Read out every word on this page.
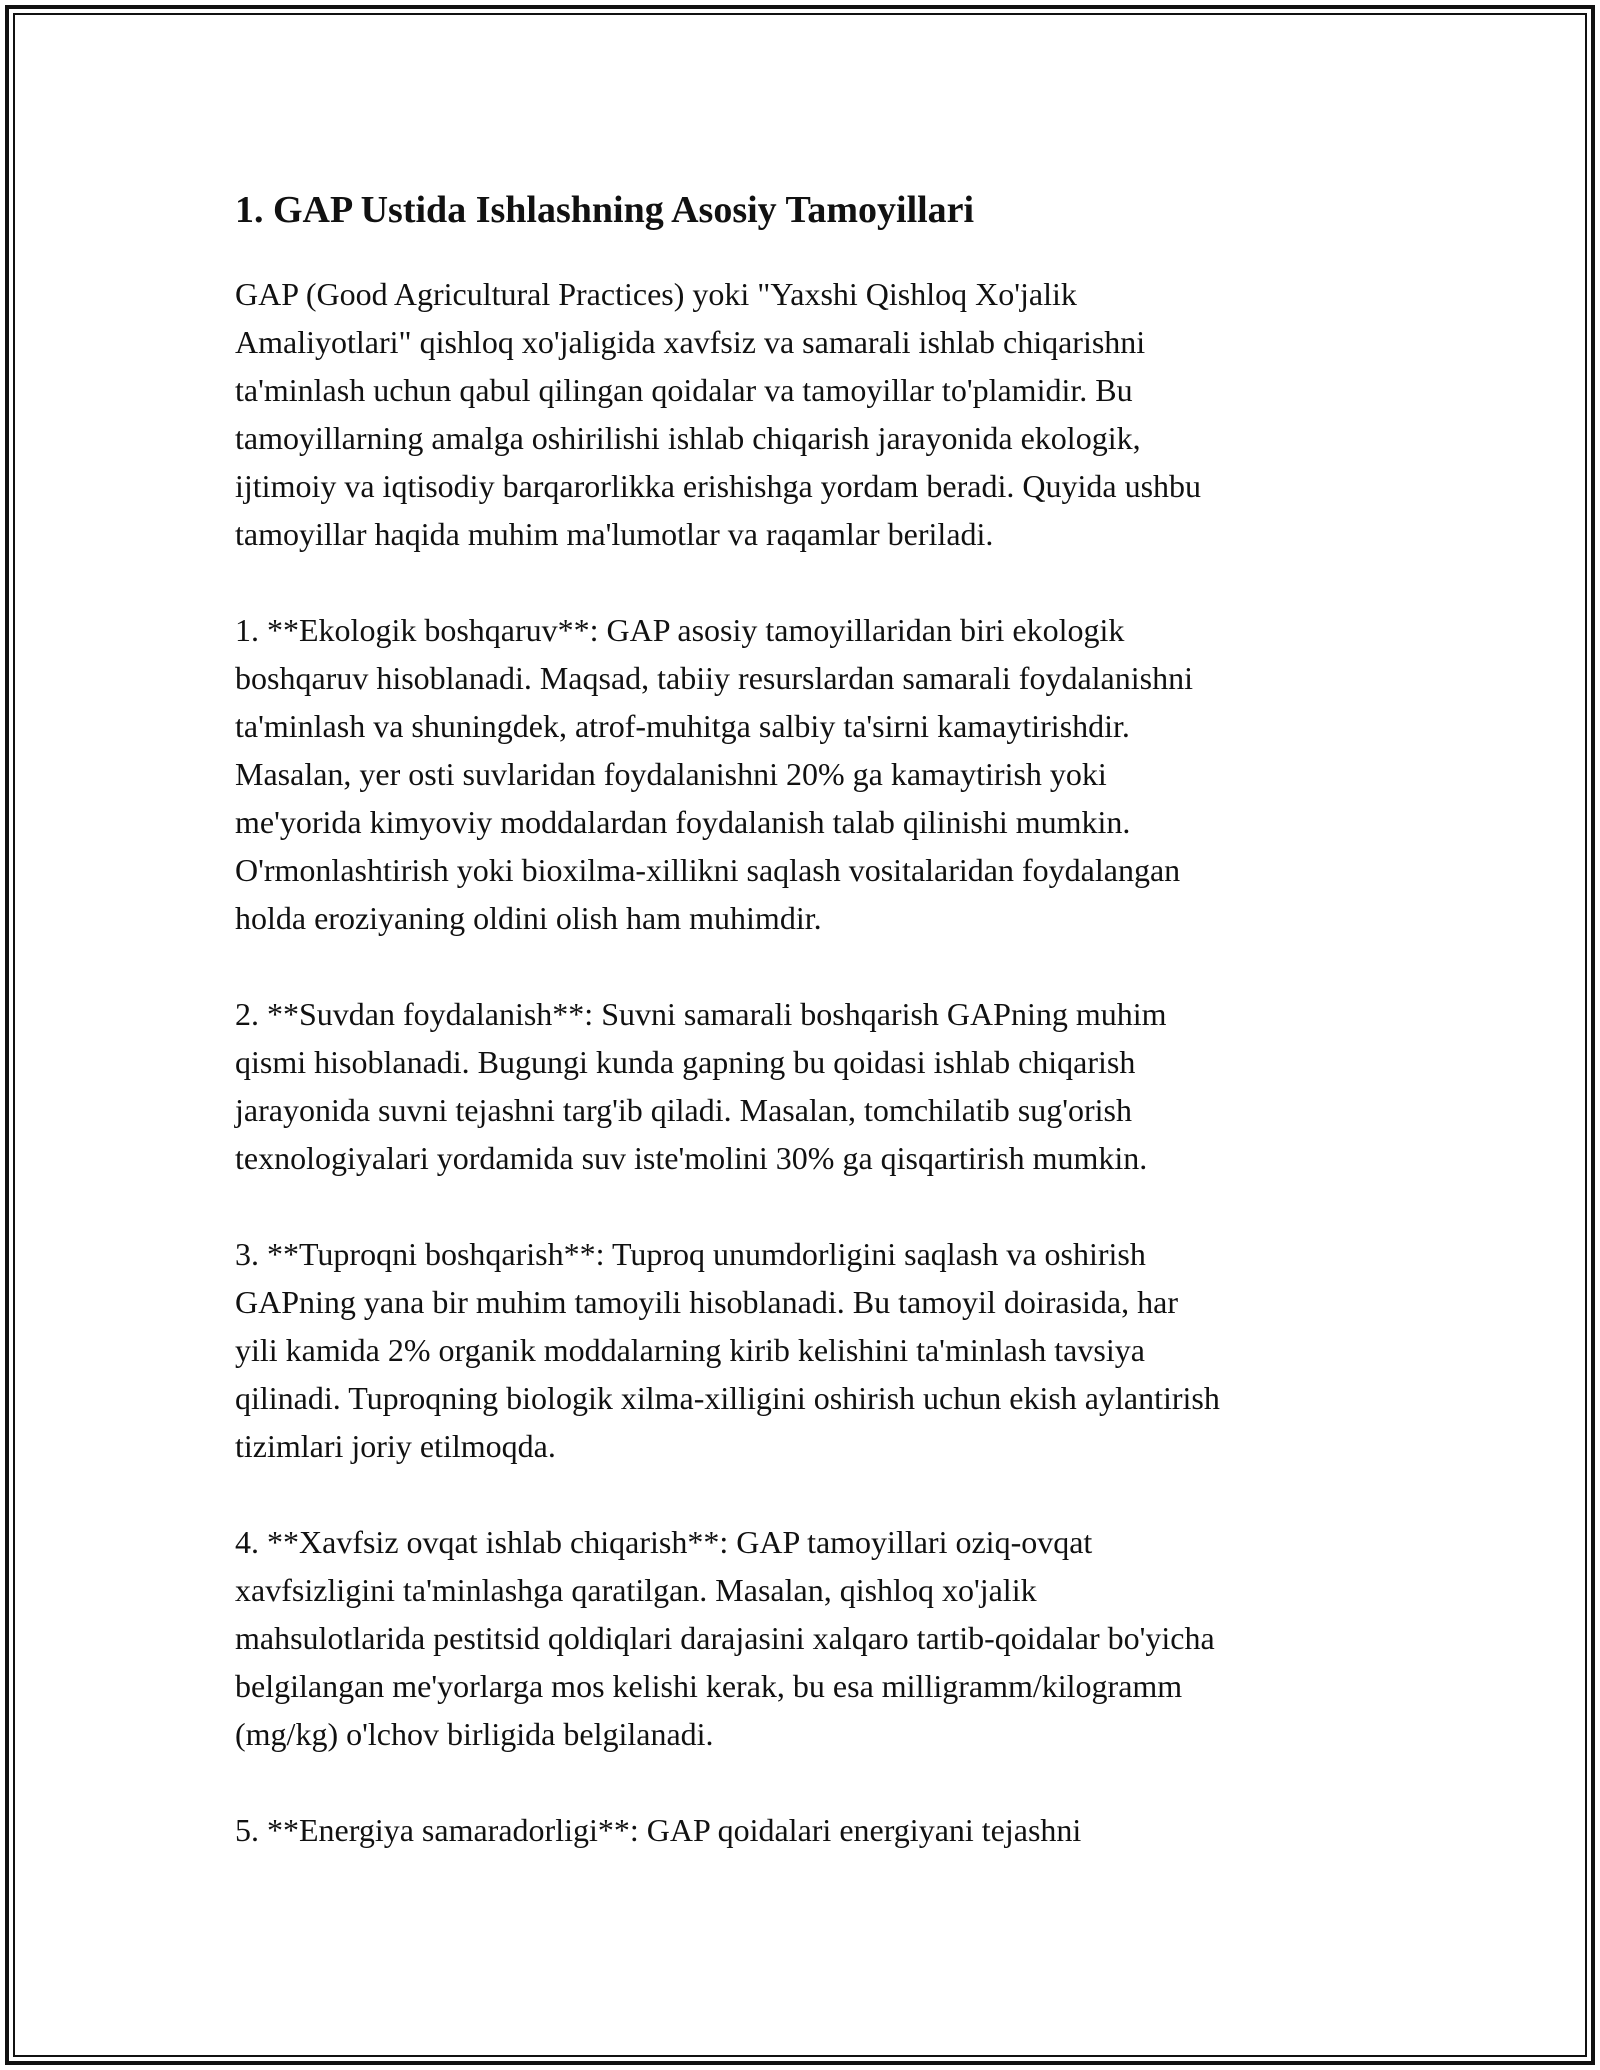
1. GAP Ustida Ishlashning Asosiy Tamoyillari

GAP (Good Agricultural Practices) yoki "Yaxshi Qishloq Xo'jalik
Amaliyotlari" qishloq xo'jaligida xavfsiz va samarali ishlab chiqarishni
ta'minlash uchun qabul qilingan qoidalar va tamoyillar to'plamidir. Bu
tamoyillarning amalga oshirilishi ishlab chiqarish jarayonida ekologik,
ijtimoiy va iqtisodiy barqarorlikka erishishga yordam beradi. Quyida ushbu
tamoyillar haqida muhim ma'lumotlar va raqamlar beriladi.

1. **Ekologik boshqaruv**: GAP asosiy tamoyillaridan biri ekologik
boshqaruv hisoblanadi. Maqsad, tabiiy resurslardan samarali foydalanishni
ta'minlash va shuningdek, atrof-muhitga salbiy ta'sirni kamaytirishdir.
Masalan, yer osti suvlaridan foydalanishni 20% ga kamaytirish yoki
me'yorida kimyoviy moddalardan foydalanish talab qilinishi mumkin.
O'rmonlashtirish yoki bioxilma-xillikni saqlash vositalaridan foydalangan
holda eroziyaning oldini olish ham muhimdir.

2. **Suvdan foydalanish**: Suvni samarali boshqarish GAPning muhim
qismi hisoblanadi. Bugungi kunda gapning bu qoidasi ishlab chiqarish
jarayonida suvni tejashni targ'ib qiladi. Masalan, tomchilatib sug'orish
texnologiyalari yordamida suv iste'molini 30% ga qisqartirish mumkin.

3. **Tuproqni boshqarish**: Tuproq unumdorligini saqlash va oshirish
GAPning yana bir muhim tamoyili hisoblanadi. Bu tamoyil doirasida, har
yili kamida 2% organik moddalarning kirib kelishini ta'minlash tavsiya
qilinadi. Tuproqning biologik xilma-xilligini oshirish uchun ekish aylantirish
tizimlari joriy etilmoqda.

4. **Xavfsiz ovqat ishlab chiqarish**: GAP tamoyillari oziq-ovqat
xavfsizligini ta'minlashga qaratilgan. Masalan, qishloq xo'jalik
mahsulotlarida pestitsid qoldiqlari darajasini xalqaro tartib-qoidalar bo'yicha
belgilangan me'yorlarga mos kelishi kerak, bu esa milligramm/kilogramm
(mg/kg) o'lchov birligida belgilanadi.

5. **Energiya samaradorligi**: GAP qoidalari energiyani tejashni
